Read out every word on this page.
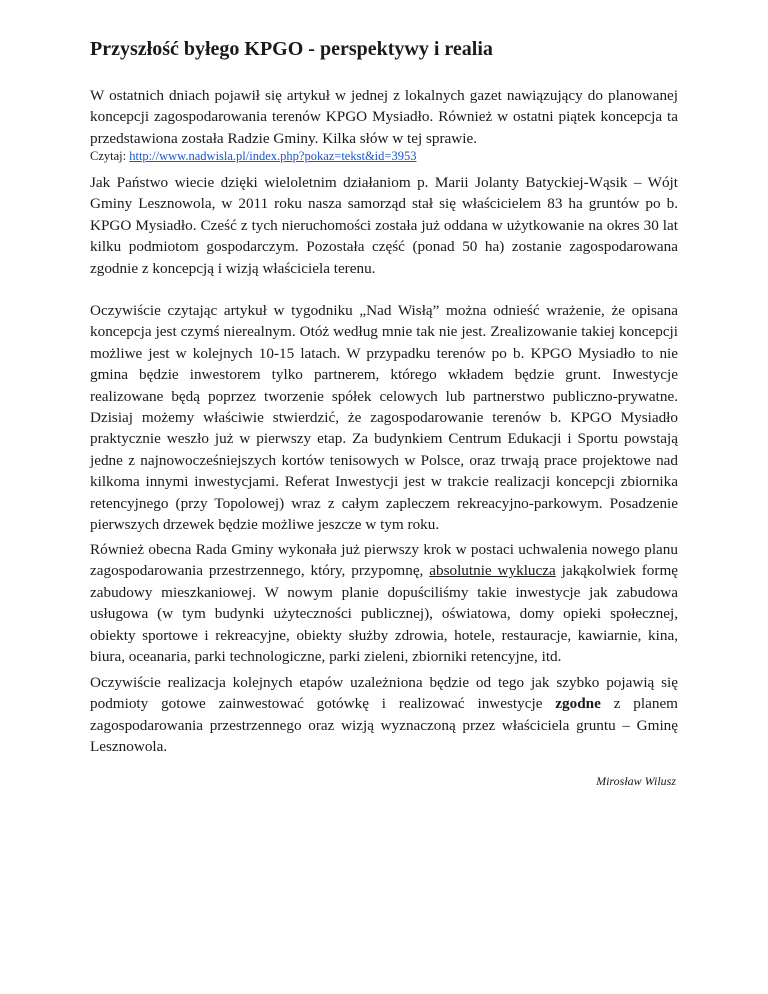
Przyszłość byłego KPGO - perspektywy i realia

W ostatnich dniach pojawił się artykuł w jednej z lokalnych gazet nawiązujący do planowanej koncepcji zagospodarowania terenów KPGO Mysiadło. Również w ostatni piątek koncepcja ta przedstawiona została Radzie Gminy. Kilka słów w tej sprawie.

Czytaj: http://www.nadwisla.pl/index.php?pokaz=tekst&id=3953

Jak Państwo wiecie dzięki wieloletnim działaniom p. Marii Jolanty Batyckiej-Wąsik – Wójt Gminy Lesznowola, w 2011 roku nasza samorząd stał się właścicielem 83 ha gruntów po b. KPGO Mysiadło. Cześć z tych nieruchomości została już oddana w użytkowanie na okres 30 lat kilku podmiotom gospodarczym. Pozostała część (ponad 50 ha) zostanie zagospodarowana zgodnie z koncepcją i wizją właściciela terenu.

Oczywiście czytając artykuł w tygodniku „Nad Wisłą” można odnieść wrażenie, że opisana koncepcja jest czymś nierealnym. Otóż według mnie tak nie jest. Zrealizowanie takiej koncepcji możliwe jest w kolejnych 10-15 latach. W przypadku terenów po b. KPGO Mysiadło to nie gmina będzie inwestorem tylko partnerem, którego wkładem będzie grunt. Inwestycje realizowane będą poprzez tworzenie spółek celowych lub partnerstwo publiczno-prywatne. Dzisiaj możemy właściwie stwierdzić, że zagospodarowanie terenów b. KPGO Mysiadło praktycznie weszło już w pierwszy etap. Za budynkiem Centrum Edukacji i Sportu powstają jedne z najnowocześniejszych kortów tenisowych w Polsce, oraz trwają prace projektowe nad kilkoma innymi inwestycjami. Referat Inwestycji jest w trakcie realizacji koncepcji zbiornika retencyjnego (przy Topolowej) wraz z całym zapleczem rekreacyjno-parkowym. Posadzenie pierwszych drzewek będzie możliwe jeszcze w tym roku.

Również obecna Rada Gminy wykonała już pierwszy krok w postaci uchwalenia nowego planu zagospodarowania przestrzennego, który, przypomnę, absolutnie wyklucza jakąkolwiek formę zabudowy mieszkaniowej. W nowym planie dopuściliśmy takie inwestycje jak zabudowa usługowa (w tym budynki użyteczności publicznej), oświatowa, domy opieki społecznej, obiekty sportowe i rekreacyjne, obiekty służby zdrowia, hotele, restauracje, kawiarnie, kina, biura, oceanaria, parki technologiczne, parki zieleni, zbiorniki retencyjne, itd.

Oczywiście realizacja kolejnych etapów uzależniona będzie od tego jak szybko pojawią się podmioty gotowe zainwestować gotówkę i realizować inwestycje zgodne z planem zagospodarowania przestrzennego oraz wizją wyznaczoną przez właściciela gruntu – Gminę Lesznowola.

Mirosław Wilusz
